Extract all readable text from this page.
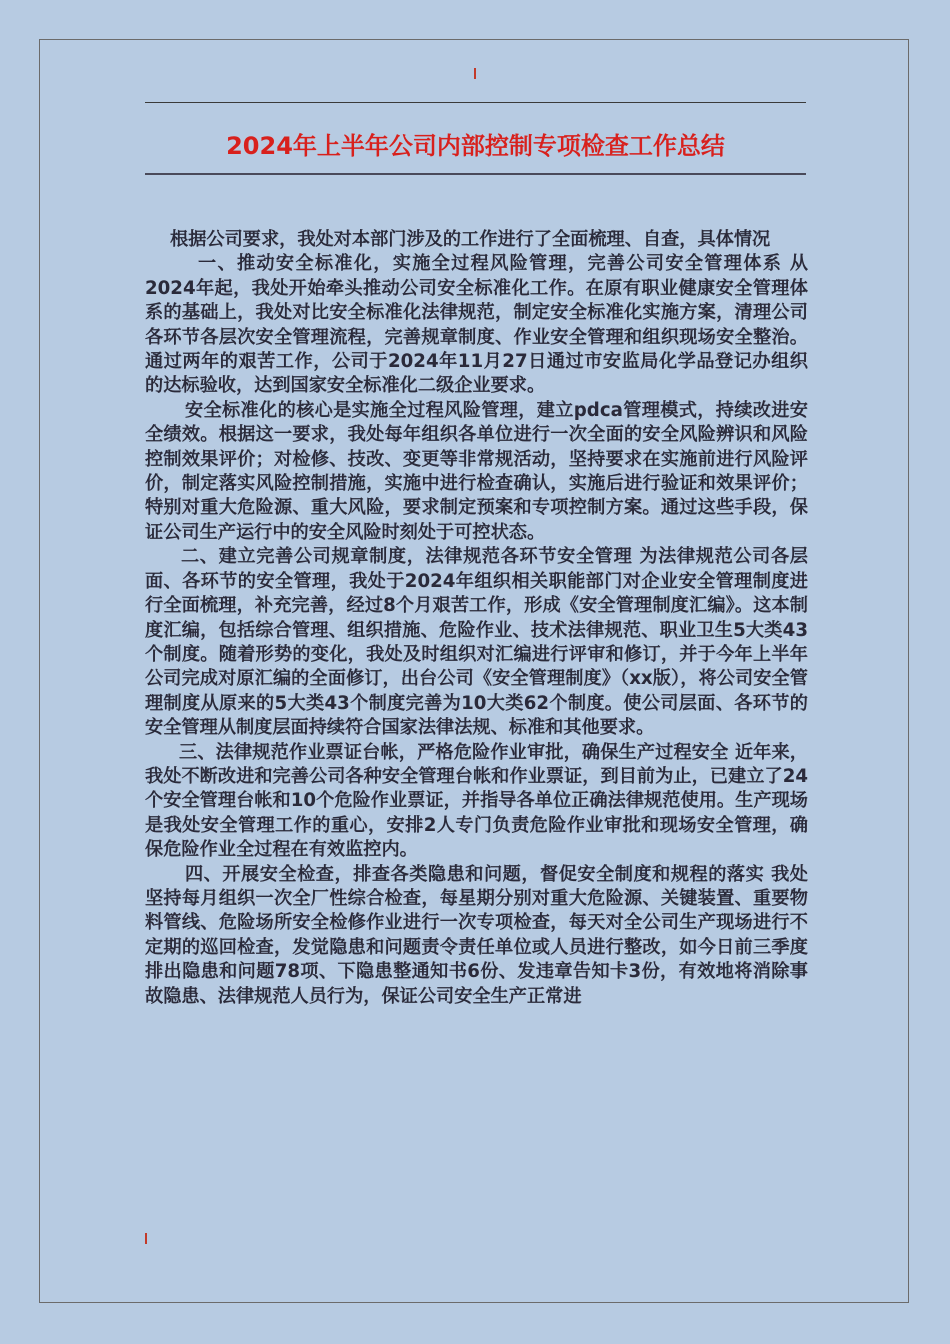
2024年上半年公司内部控制专项检查工作总结

根据公司要求，我处对本部门涉及的工作进行了全面梳理、自查，具体情况

一、推动安全标准化，实施全过程风险管理，完善公司安全管理体系 从2024年起，我处开始牵头推动公司安全标准化工作。在原有职业健康安全管理体系的基础上，我处对比安全标准化法律规范，制定安全标准化实施方案，清理公司各环节各层次安全管理流程，完善规章制度、作业安全管理和组织现场安全整治。通过两年的艰苦工作，公司于2024年11月27日通过市安监局化学品登记办组织的达标验收，达到国家安全标准化二级企业要求。

安全标准化的核心是实施全过程风险管理，建立pdca管理模式，持续改进安全绩效。根据这一要求，我处每年组织各单位进行一次全面的安全风险辨识和风险控制效果评价；对检修、技改、变更等非常规活动，坚持要求在实施前进行风险评价，制定落实风险控制措施，实施中进行检查确认，实施后进行验证和效果评价；特别对重大危险源、重大风险，要求制定预案和专项控制方案。通过这些手段，保证公司生产运行中的安全风险时刻处于可控状态。

二、建立完善公司规章制度，法律规范各环节安全管理 为法律规范公司各层面、各环节的安全管理，我处于2024年组织相关职能部门对企业安全管理制度进行全面梳理，补充完善，经过8个月艰苦工作，形成《安全管理制度汇编》。这本制度汇编，包括综合管理、组织措施、危险作业、技术法律规范、职业卫生5大类43个制度。随着形势的变化，我处及时组织对汇编进行评审和修订，并于今年上半年公司完成对原汇编的全面修订，出台公司《安全管理制度》（xx版），将公司安全管理制度从原来的5大类43个制度完善为10大类62个制度。使公司层面、各环节的安全管理从制度层面持续符合国家法律法规、标准和其他要求。

三、法律规范作业票证台帐，严格危险作业审批，确保生产过程安全 近年来，我处不断改进和完善公司各种安全管理台帐和作业票证，到目前为止，已建立了24个安全管理台帐和10个危险作业票证，并指导各单位正确法律规范使用。生产现场是我处安全管理工作的重心，安排2人专门负责危险作业审批和现场安全管理，确保危险作业全过程在有效监控内。

四、开展安全检查，排查各类隐患和问题，督促安全制度和规程的落实 我处坚持每月组织一次全厂性综合检查，每星期分别对重大危险源、关键装置、重要物料管线、危险场所安全检修作业进行一次专项检查，每天对全公司生产现场进行不定期的巡回检查，发觉隐患和问题责令责任单位或人员进行整改，如今日前三季度排出隐患和问题78项、下隐患整通知书6份、发违章告知卡3份，有效地将消除事故隐患、法律规范人员行为，保证公司安全生产正常进
